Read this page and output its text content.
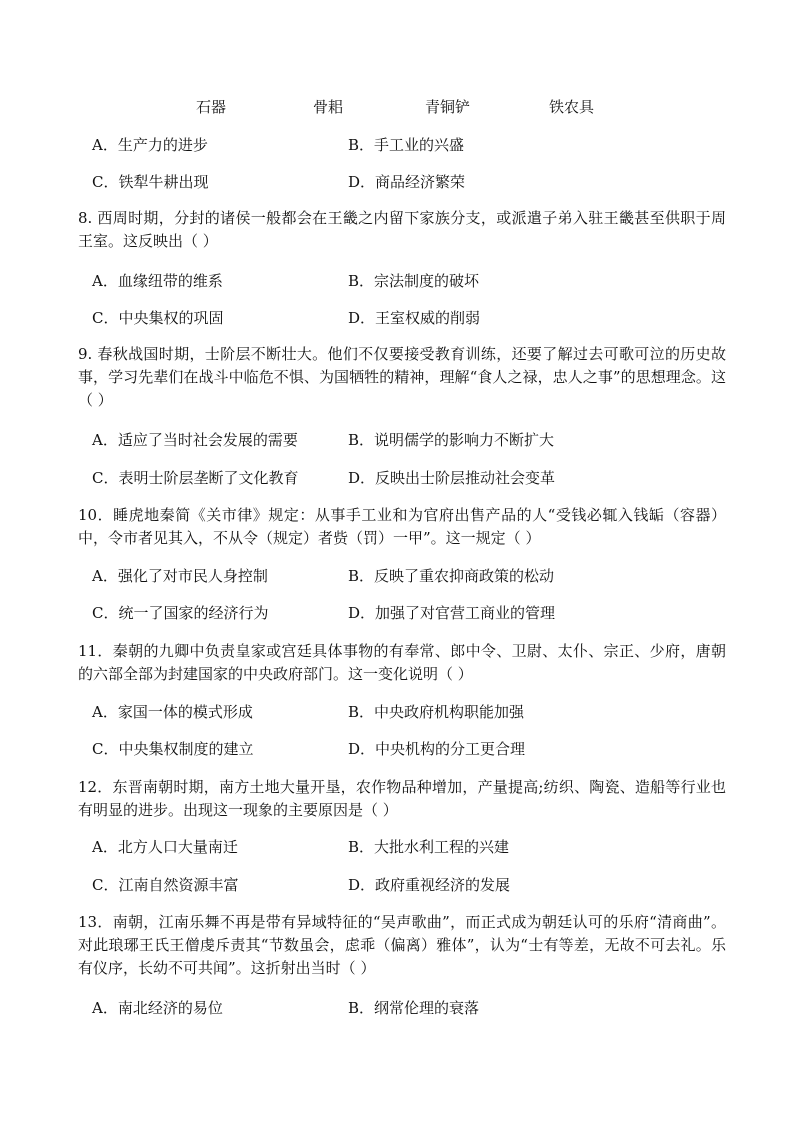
石器	骨耜	青铜铲	铁农具
A．生产力的进步	B．手工业的兴盛
C．铁犁牛耕出现	D．商品经济繁荣
8. 西周时期，分封的诸侯一般都会在王畿之内留下家族分支，或派遣子弟入驻王畿甚至供职于周王室。这反映出（ ）
A．血缘纽带的维系	B．宗法制度的破坏
C．中央集权的巩固	D．王室权威的削弱
9. 春秋战国时期，士阶层不断壮大。他们不仅要接受教育训练，还要了解过去可歌可泣的历史故事，学习先辈们在战斗中临危不惧、为国牺牲的精神，理解“食人之禄，忠人之事”的思想理念。这（ ）
A．适应了当时社会发展的需要	B．说明儒学的影响力不断扩大
C．表明士阶层垄断了文化教育	D．反映出士阶层推动社会变革
10．睡虎地秦简《关市律》规定：从事手工业和为官府出售产品的人“受钱必辄入钱缿（容器）中，令市者见其入，不从令（规定）者赀（罚）一甲”。这一规定（ ）
A．强化了对市民人身控制	B．反映了重农抑商政策的松动
C．统一了国家的经济行为	D．加强了对官营工商业的管理
11．秦朝的九卿中负责皇家或宫廷具体事物的有奉常、郎中令、卫尉、太仆、宗正、少府，唐朝的六部全部为封建国家的中央政府部门。这一变化说明（ ）
A．家国一体的模式形成	B．中央政府机构职能加强
C．中央集权制度的建立	D．中央机构的分工更合理
12．东晋南朝时期，南方土地大量开垦，农作物品种增加，产量提高;纺织、陶瓷、造船等行业也有明显的进步。出现这一现象的主要原因是（ ）
A．北方人口大量南迁	B．大批水利工程的兴建
C．江南自然资源丰富	D．政府重视经济的发展
13．南朝，江南乐舞不再是带有异域特征的“吴声歌曲”，而正式成为朝廷认可的乐府“清商曲”。对此琅琊王氏王僧虔斥责其“节数虽会，虑乖（偏离）雅体”，认为“士有等差，无故不可去礼。乐有仪序，长幼不可共闻”。这折射出当时（ ）
A．南北经济的易位	B．纲常伦理的衰落
